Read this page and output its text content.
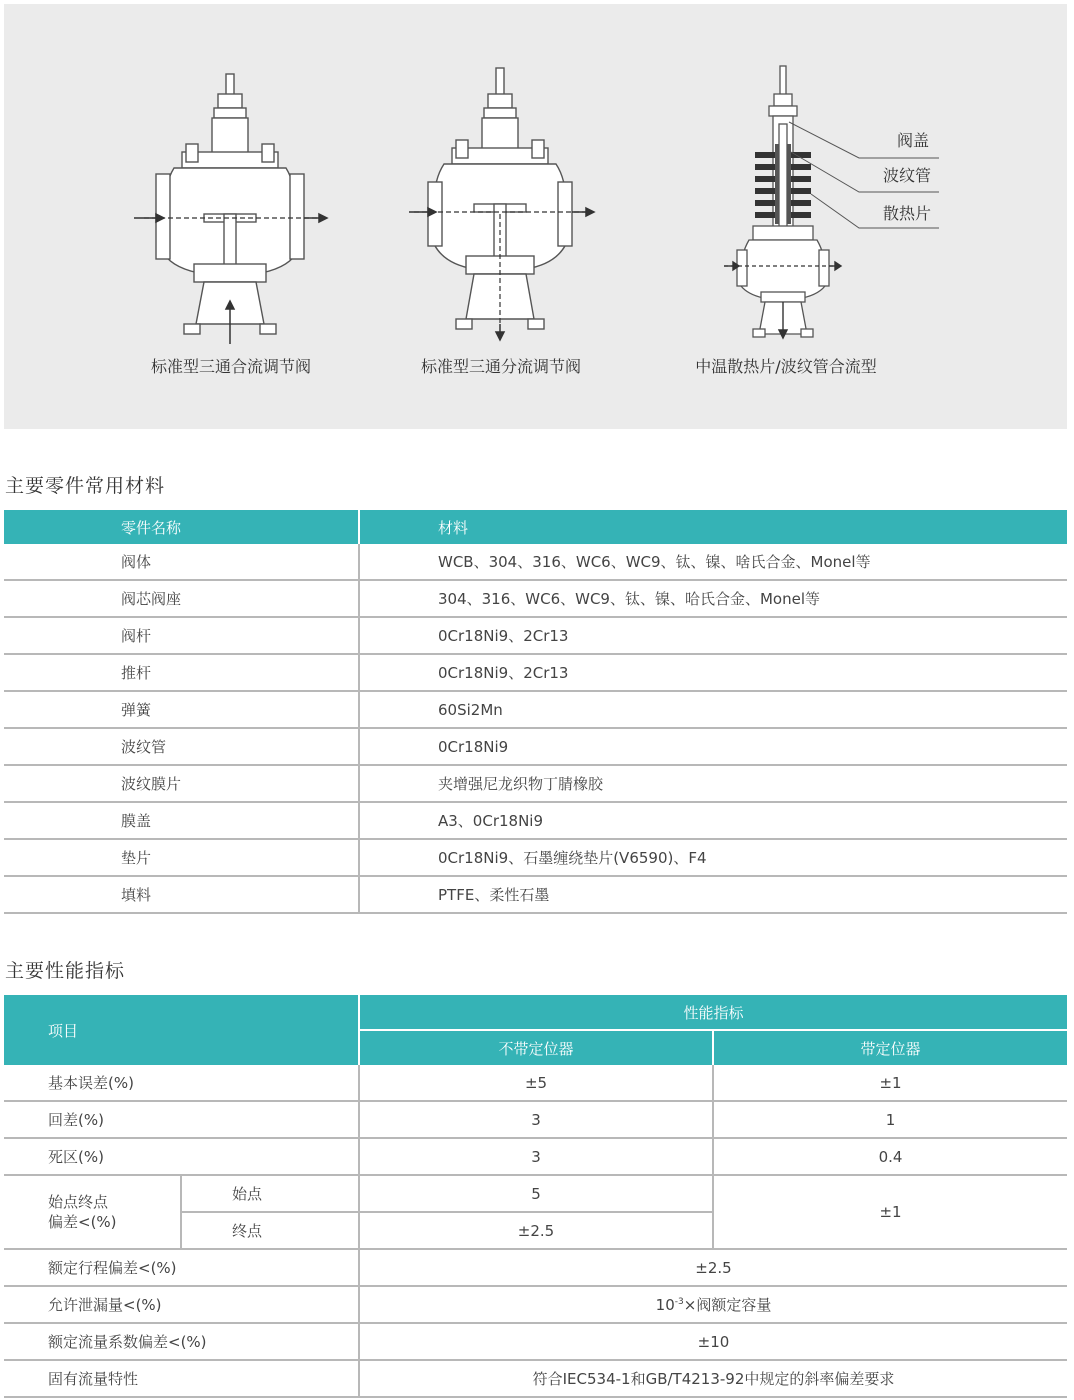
标准型三通合流调节阀	标准型三通分流调节阀
阀盖
波纹管
散热片
中温散热片/波纹管合流型
主要零件常用材料
零件名称	材料
阀体	WCB、304、316、WC6、WC9、钛、镍、啥氏合金、Monel等
阀芯阀座	304、316、WC6、WC9、钛、镍、哈氏合金、Monel等
阀杆	0Cr18Ni9、2Cr13
推杆	0Cr18Ni9、2Cr13
弹簧	60Si2Mn
波纹管	0Cr18Ni9
波纹膜片	夹增强尼龙织物丁腈橡胶
膜盖	A3、0Cr18Ni9
垫片	0Cr18Ni9、石墨缠绕垫片(V6590)、F4
填料	PTFE、柔性石墨
主要性能指标
项目		性能指标	
		不带定位器	带定位器
基本误差(%)		±5	±1
回差(%)		3	1
死区(%)		3	0.4

始点终点
偏差<(%)	始点	5	±1
	终点	±2.5	
额定行程偏差<(%)		±2.5	
允许泄漏量<(%)		$10^{-3}\times$阀额定容量	
额定流量系数偏差<(%)		±10	
固有流量特性		符合IEC534-1和GB/T4213-92中规定的斜率偏差要求	
